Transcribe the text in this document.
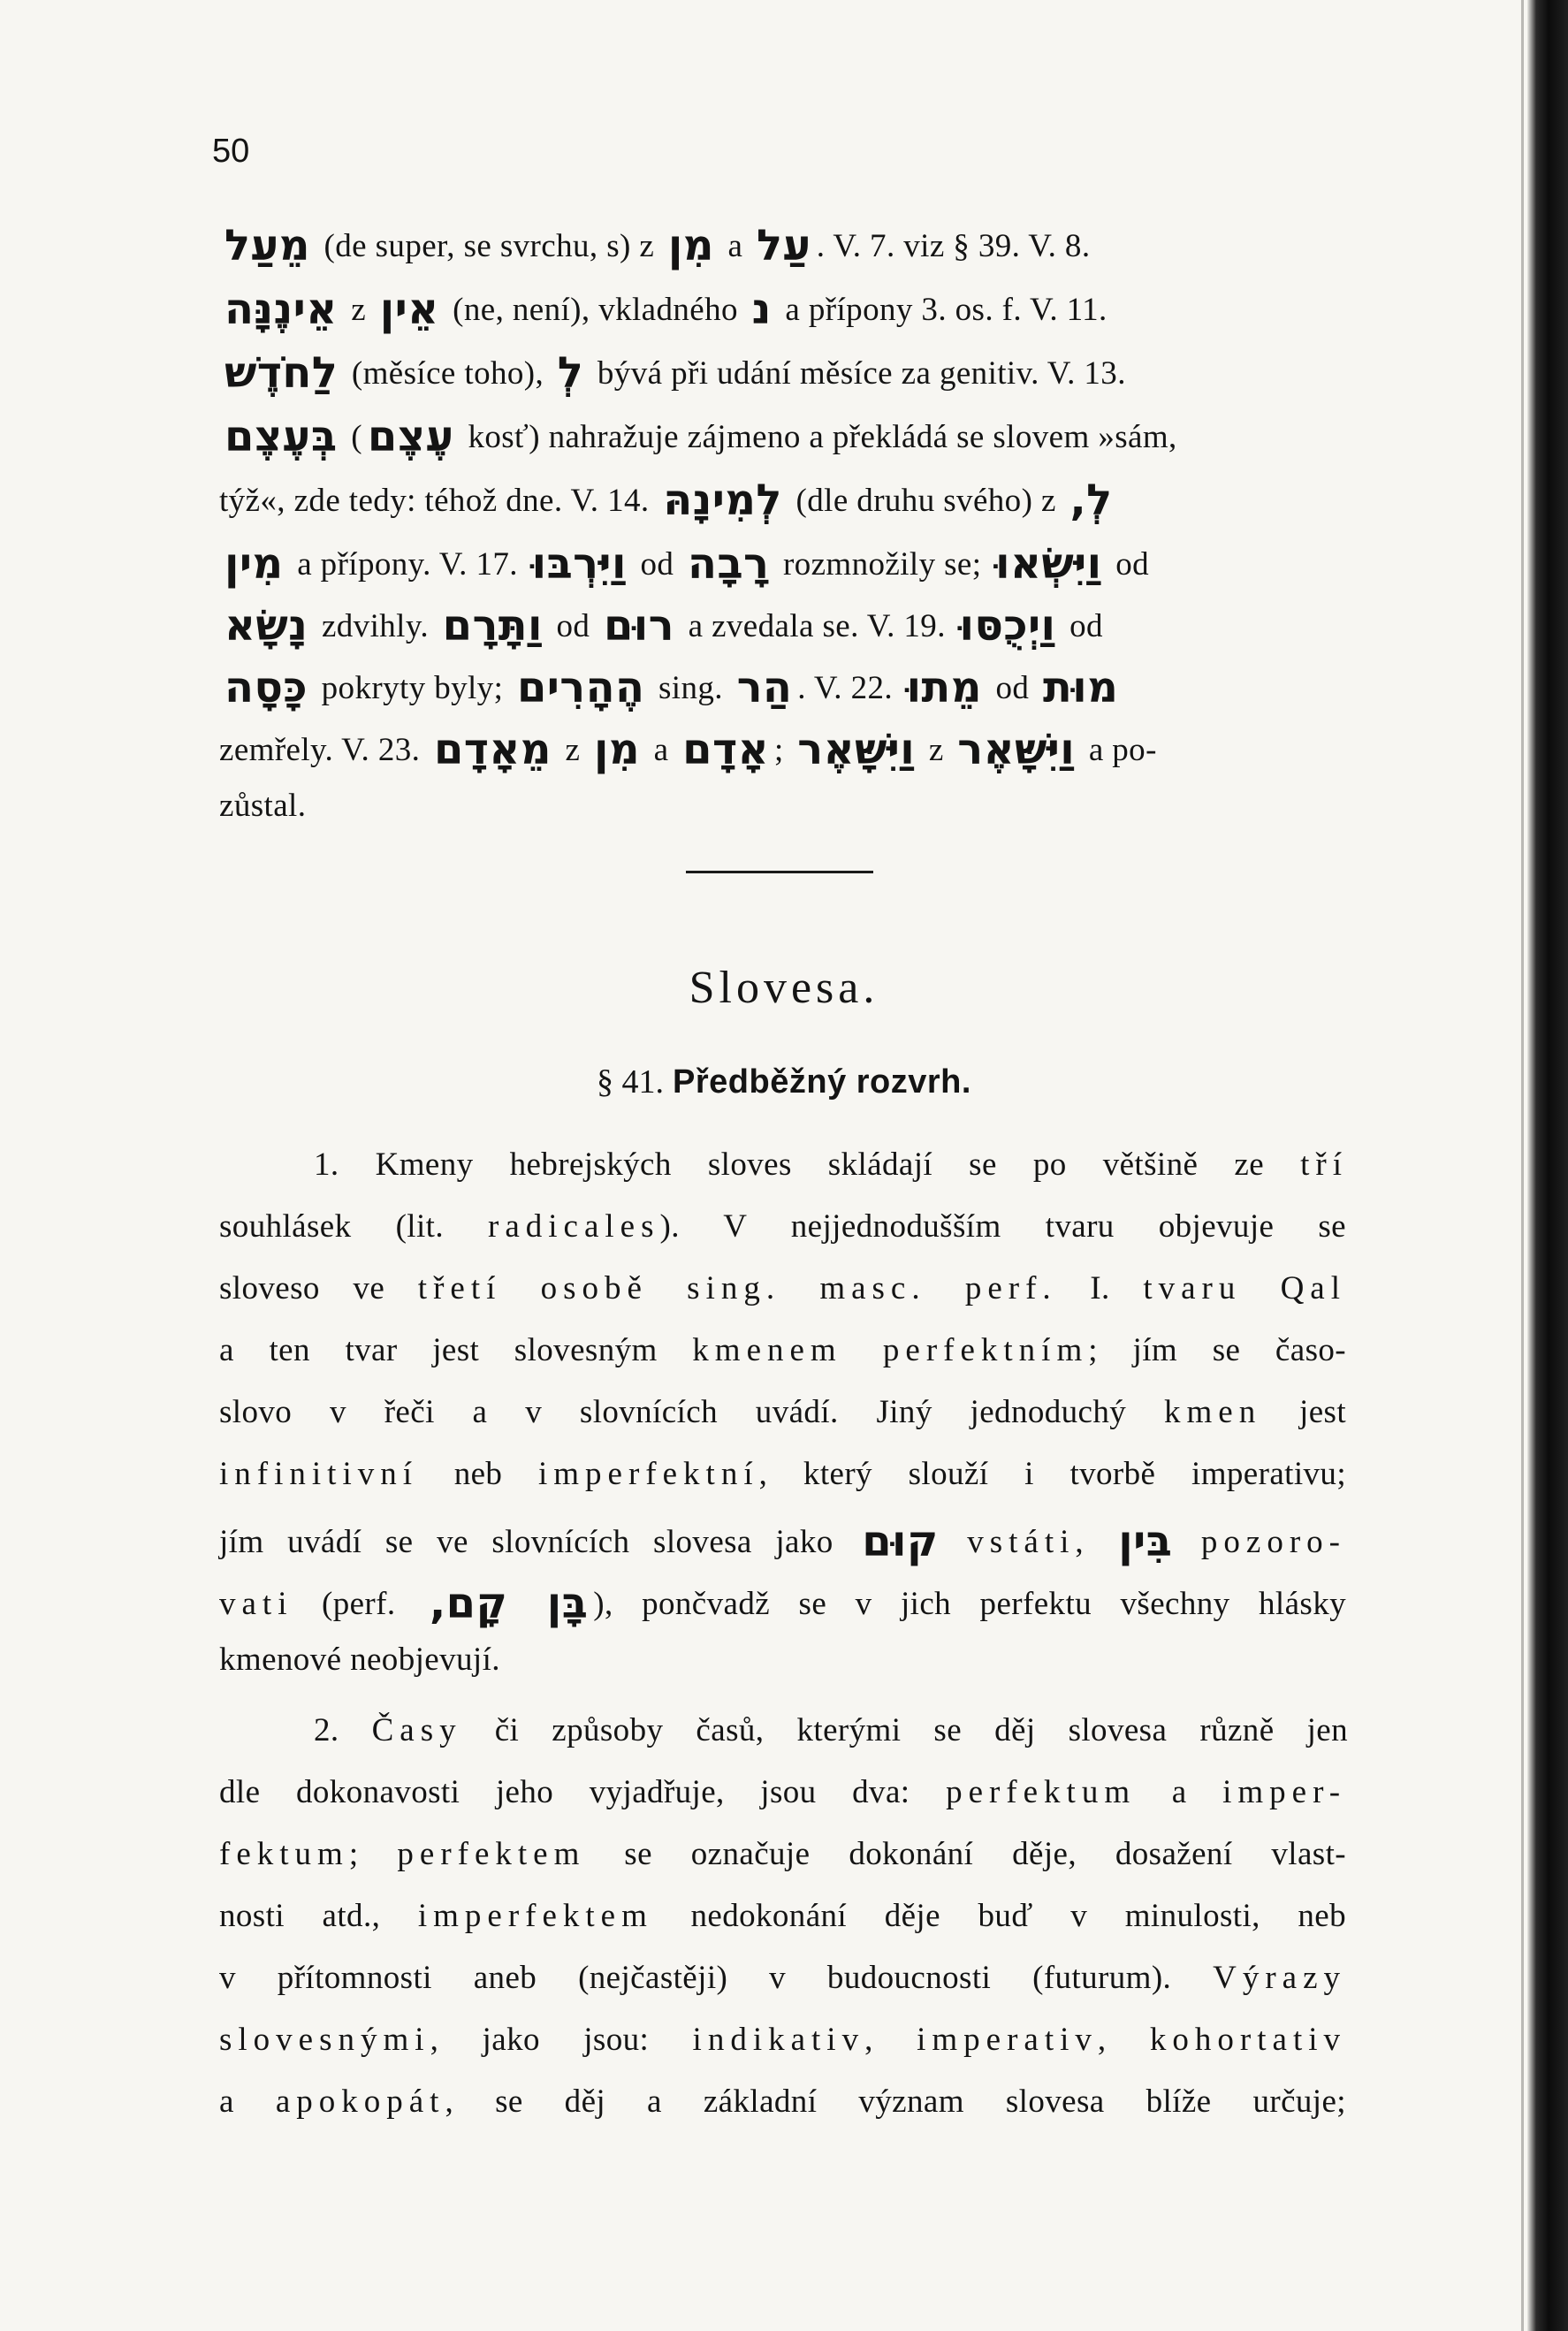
50
מֵעַל (de super, se svrchu, s) z מִן a עַל . V. 7. viz § 39. V. 8.
אֵינֶנָּה z אֵין (ne, není), vkladného נ a přípony 3. os. f. V. 11.
לַחֹדֶשׁ (měsíce toho), לְ bývá při udání měsíce za genitiv. V. 13.
בְּעֶצֶם ( עֶצֶם kosť) nahražuje zájmeno a překládá se slovem »sám,
týž«, zde tedy: téhož dne. V. 14. לְמִינָהּ (dle druhu svého) z לְ,
מִין a přípony. V. 17. וַיִּרְבּוּ od רָבָה rozmnožily se; וַיִּשְׂאוּ od
נָשָׂא zdvihly. וַתָּרָם od רוּם a zvedala se. V. 19. וַיְכֻסּוּ od
כָּסָה pokryty byly; הֶהָרִים sing. הַר . V. 22. מֵתוּ od מוּת
zemřely. V. 23. מֵאָדָם z מִן a אָדָם ; וַיִּשָּׁאֶר z וַיִּשָּׁאֶר a po-
zůstal.
Slovesa.
§ 41. Předběžný rozvrh.
1. Kmeny hebrejských sloves skládají se po většině ze tří
souhlásek (lit. radicales). V nejjednodušším tvaru objevuje se
sloveso ve třetí osobě sing. masc. perf. I. tvaru Qal
a ten tvar jest slovesným kmenem perfektním; jím se časo-
slovo v řeči a v slovnících uvádí. Jiný jednoduchý kmen jest
infinitivní neb imperfektní, který slouží i tvorbě imperativu;
jím uvádí se ve slovnících slovesa jako קוּם vstáti, בִּין pozoro-
vati (perf. קָם, בָּן ), pončvadž se v jich perfektu všechny hlásky
kmenové neobjevují.
2. Časy či způsoby časů, kterými se děj slovesa různě jen
dle dokonavosti jeho vyjadřuje, jsou dva: perfektum a imper-
fektum; perfektem se označuje dokonání děje, dosažení vlast-
nosti atd., imperfektem nedokonání děje buď v minulosti, neb
v přítomnosti aneb (nejčastěji) v budoucnosti (futurum). Výrazy
slovesnými, jako jsou: indikativ, imperativ, kohortativ
a apokopát, se děj a základní význam slovesa blíže určuje;
